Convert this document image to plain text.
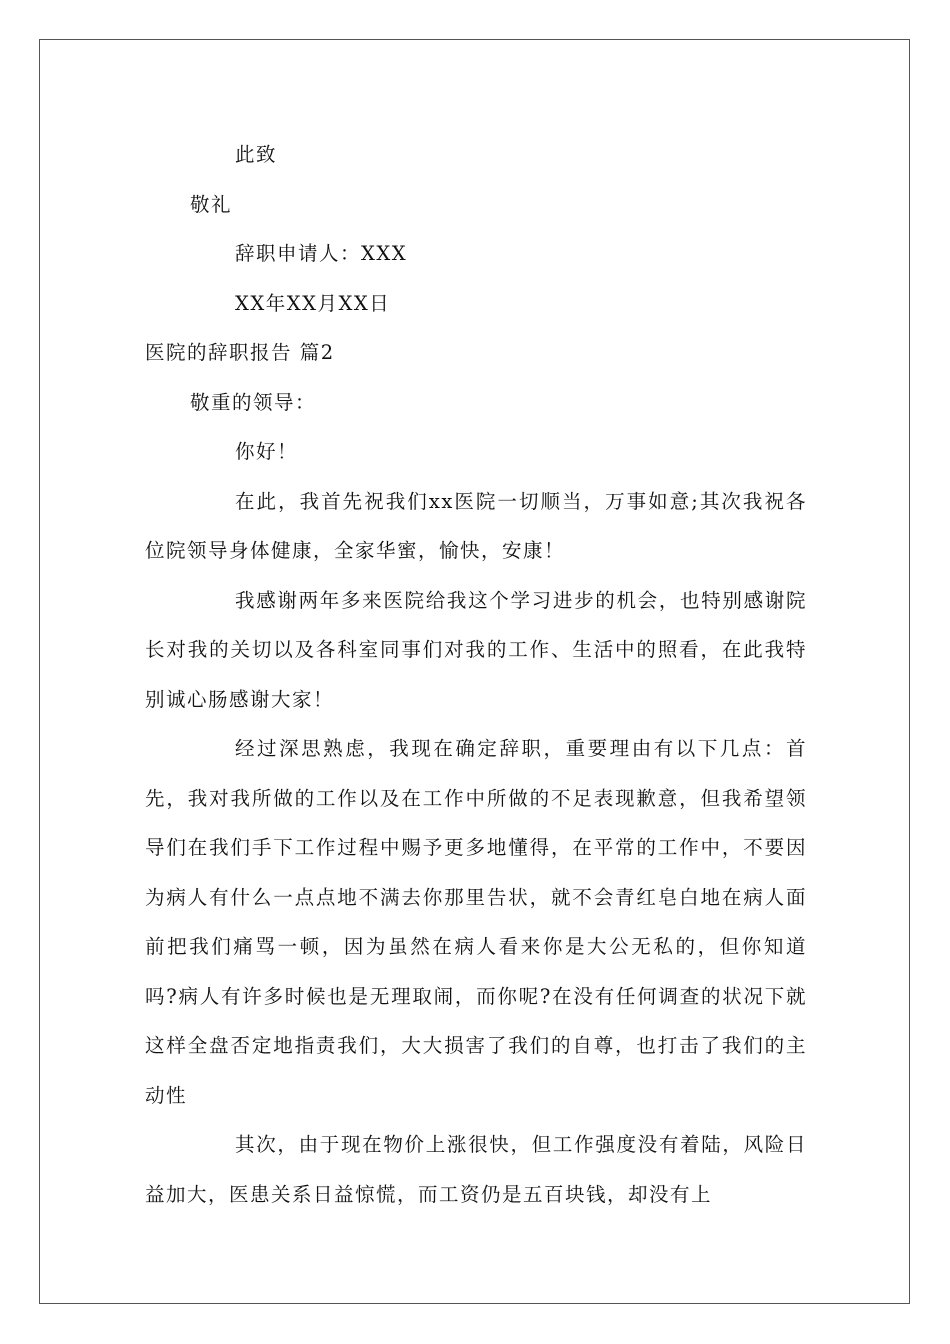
此致
敬礼
辞职申请人：XXX
XX年XX月XX日
医院的辞职报告 篇2
敬重的领导：
你好！

在此，我首先祝我们xx医院一切顺当，万事如意;其次我祝各位院领导身体健康，全家华蜜，愉快，安康！

我感谢两年多来医院给我这个学习进步的机会，也特别感谢院长对我的关切以及各科室同事们对我的工作、生活中的照看，在此我特别诚心肠感谢大家！

经过深思熟虑，我现在确定辞职，重要理由有以下几点：首先，我对我所做的工作以及在工作中所做的不足表现歉意，但我希望领导们在我们手下工作过程中赐予更多地懂得，在平常的工作中，不要因为病人有什么一点点地不满去你那里告状，就不会青红皂白地在病人面前把我们痛骂一顿，因为虽然在病人看来你是大公无私的，但你知道吗?病人有许多时候也是无理取闹，而你呢?在没有任何调查的状况下就这样全盘否定地指责我们，大大损害了我们的自尊，也打击了我们的主动性

其次，由于现在物价上涨很快，但工作强度没有着陆，风险日益加大，医患关系日益惊慌，而工资仍是五百块钱，却没有上
